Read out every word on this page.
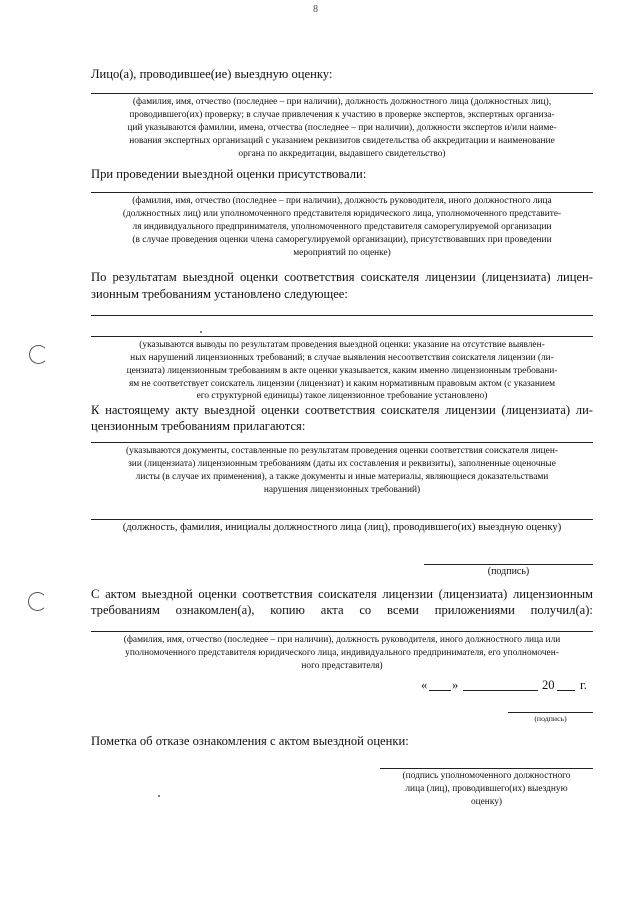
8
Лицо(а), проводившее(ие) выездную оценку:
(фамилия, имя, отчество (последнее – при наличии), должность должностного лица (должностных лиц),
проводившего(их) проверку; в случае привлечения к участию в проверке экспертов, экспертных организа-
ций указываются фамилии, имена, отчества (последнее – при наличии), должности экспертов и/или наиме-
нования экспертных организаций с указанием реквизитов свидетельства об аккредитации и наименование
органа по аккредитации, выдавшего свидетельство)
При проведении выездной оценки присутствовали:
(фамилия, имя, отчество (последнее – при наличии), должность руководителя, иного должностного лица
(должностных лиц) или уполномоченного представителя юридического лица, уполномоченного представите-
ля индивидуального предпринимателя, уполномоченного представителя саморегулируемой организации
(в случае проведения оценки члена саморегулируемой организации), присутствовавших при проведении
мероприятий по оценке)
По результатам выездной оценки соответствия соискателя лицензии (лицензиата) лицен-
зионным требованиям установлено следующее:
(указываются выводы по результатам проведения выездной оценки: указание на отсутствие выявлен-
ных нарушений лицензионных требований; в случае выявления несоответствия соискателя лицензии (ли-
цензиата) лицензионным требованиям в акте оценки указывается, каким именно лицензионным требовани-
ям не соответствует соискатель лицензии (лицензиат) и каким нормативным правовым актом (с указанием
его структурной единицы) такое лицензионное требование установлено)
К настоящему акту выездной оценки соответствия соискателя лицензии (лицензиата) ли-
цензионным требованиям прилагаются:
(указываются документы, составленные по результатам проведения оценки соответствия соискателя лицен-
зии (лицензиата) лицензионным требованиям (даты их составления и реквизиты), заполненные оценочные
листы (в случае их применения), а также документы и иные материалы, являющиеся доказательствами
нарушения лицензионных требований)
(должность, фамилия, инициалы должностного лица (лиц), проводившего(их) выездную оценку)
(подпись)
С актом выездной оценки соответствия соискателя лицензии (лицензиата) лицензионным
требованиям ознакомлен(а), копию акта со всеми приложениями получил(а):
(фамилия, имя, отчество (последнее – при наличии), должность руководителя, иного должностного лица или
уполномоченного представителя юридического лица, индивидуального предпринимателя, его уполномочен-
ного представителя)
« »	20 г.
(подпись)
Пометка об отказе ознакомления с актом выездной оценки:
(подпись уполномоченного должностного
лица (лиц), проводившего(их) выездную
оценку)
